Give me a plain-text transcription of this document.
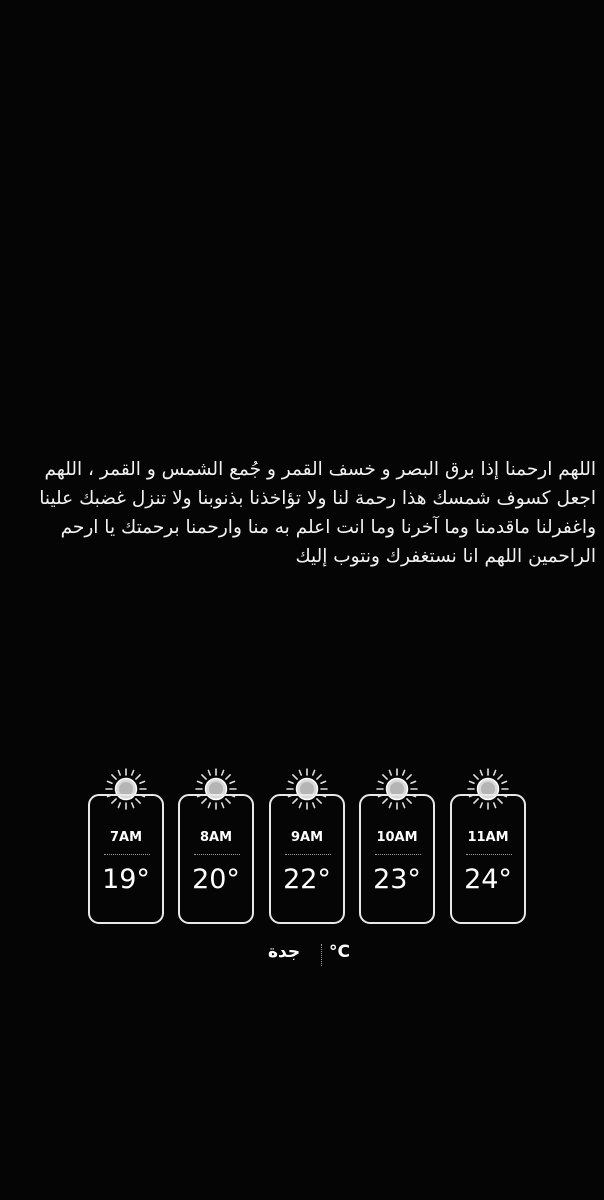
اللهم ارحمنا إذا برق البصر و خسف القمر و جُمع الشمس و القمر ، اللهم اجعل كسوف شمسك هذا رحمة لنا ولا تؤاخذنا بذنوبنا ولا تنزل غضبك علينا واغفرلنا ماقدمنا وما آخرنا وما انت اعلم به منا وارحمنا برحمتك يا ارحم الراحمين اللهم انا نستغفرك ونتوب إليك
7AM
19°
8AM
20°
9AM
22°
10AM
23°
11AM
24°
°C
جدة
